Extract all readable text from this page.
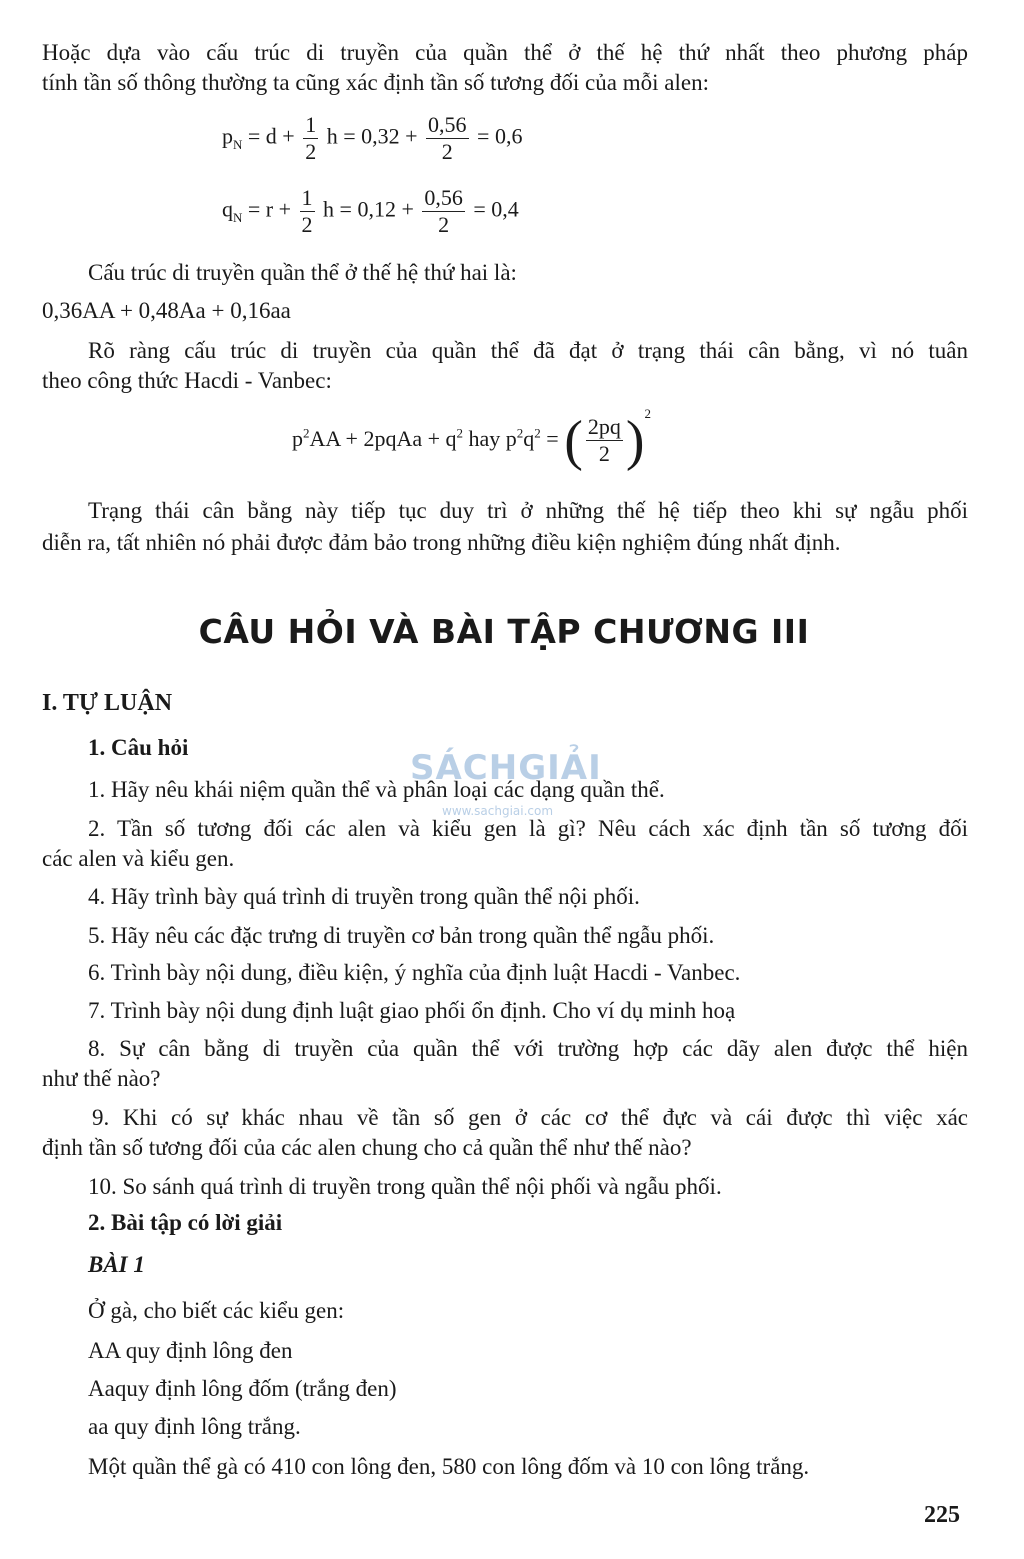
Hoặc dựa vào cấu trúc di truyền của quần thể ở thế hệ thứ nhất theo phương pháp
tính tần số thông thường ta cũng xác định tần số tương đối của mỗi alen:
$p_N = d + \frac{1}{2}$ $h = 0,32 + \frac{0,56}{2} = 0,6$
$q_N = r + \frac{1}{2}$ $h = 0,12 + \frac{0,56}{2} = 0,4$
Cấu trúc di truyền quần thể ở thế hệ thứ hai là:
0,36AA + 0,48Aa + 0,16aa
Rõ ràng cấu trúc di truyền của quần thể đã đạt ở trạng thái cân bằng, vì nó tuân
theo công thức Hacdi - Vanbec:
$p^2AA$ + 2pqAa + $q^2$ hay $p^2q^2$ = ( $\frac{2pq}{2} )^2$
Trạng thái cân bằng này tiếp tục duy trì ở những thế hệ tiếp theo khi sự ngẫu phối
diễn ra, tất nhiên nó phải được đảm bảo trong những điều kiện nghiệm đúng nhất định.
CÂU HỎI VÀ BÀI TẬP CHƯƠNG III
I. TỰ LUẬN
1. Câu hỏi
SÁCHGIẢI
www.sachgiai.com
1. Hãy nêu khái niệm quần thể và phân loại các dạng quần thể.
2. Tần số tương đối các alen và kiểu gen là gì? Nêu cách xác định tần số tương đối
các alen và kiểu gen.
4. Hãy trình bày quá trình di truyền trong quần thể nội phối.
5. Hãy nêu các đặc trưng di truyền cơ bản trong quần thể ngẫu phối.
6. Trình bày nội dung, điều kiện, ý nghĩa của định luật Hacdi - Vanbec.
7. Trình bày nội dung định luật giao phối ổn định. Cho ví dụ minh hoạ
8. Sự cân bằng di truyền của quần thể với trường hợp các dãy alen được thể hiện
như thế nào?
9. Khi có sự khác nhau về tần số gen ở các cơ thể đực và cái được thì việc xác
định tần số tương đối của các alen chung cho cả quần thể như thế nào?
10. So sánh quá trình di truyền trong quần thể nội phối và ngẫu phối.
2. Bài tập có lời giải
BÀI 1
Ở gà, cho biết các kiểu gen:
AA quy định lông đen
Aaquy định lông đốm (trắng đen)
aa quy định lông trắng.
Một quần thể gà có 410 con lông đen, 580 con lông đốm và 10 con lông trắng.
225
